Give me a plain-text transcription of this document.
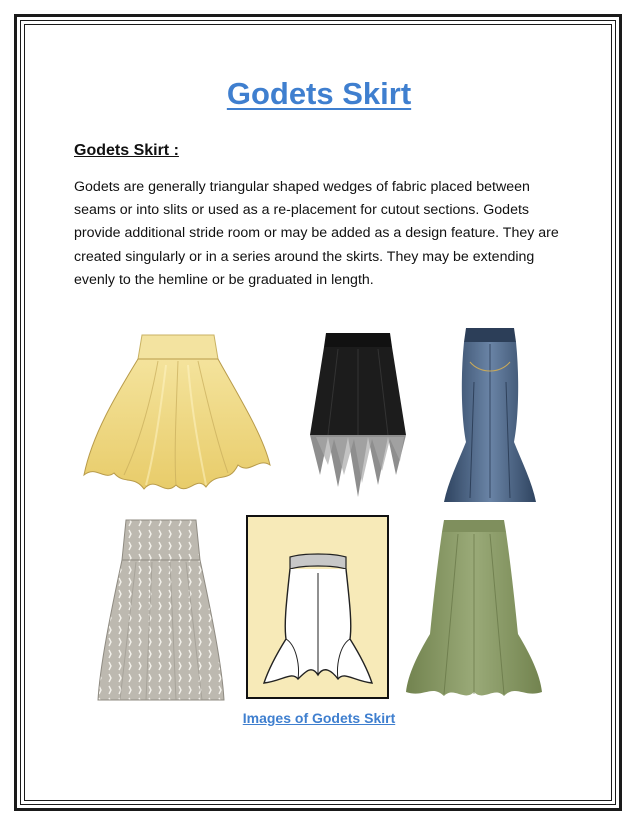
Godets Skirt
Godets Skirt :

Godets are generally triangular shaped wedges of fabric placed between seams or into slits or used as a re-placement for cutout sections. Godets provide additional stride room or may be added as a design feature. They are created singularly or in a series around the skirts. They may be extending evenly to the hemline or be graduated in length.

Images of Godets Skirt
